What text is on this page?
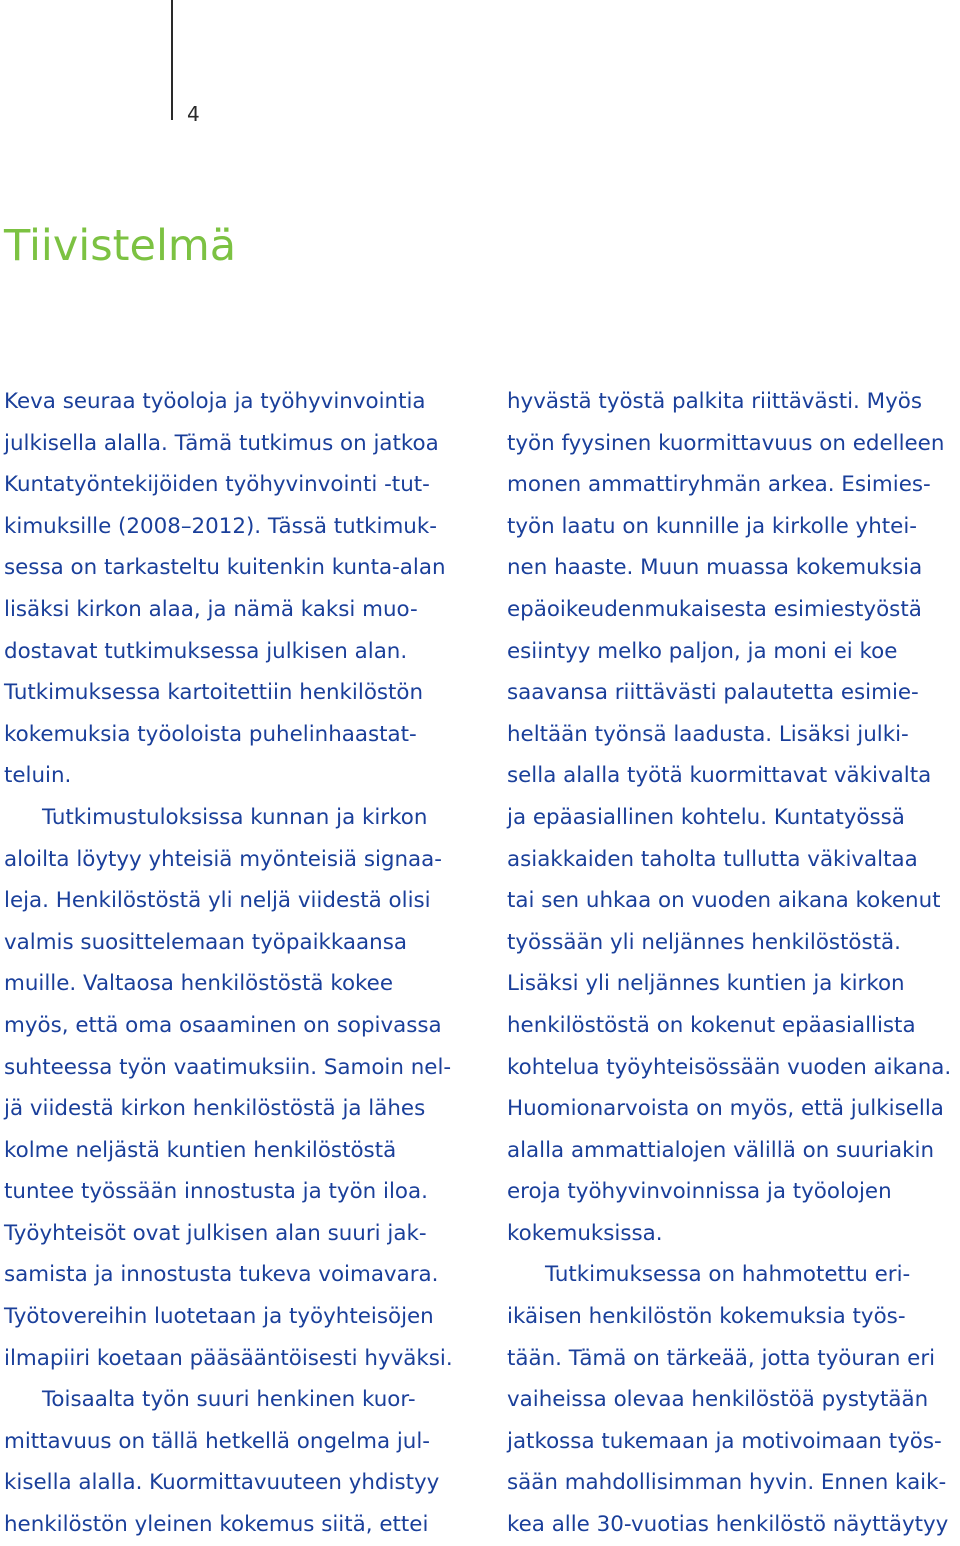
4
Tiivistelmä
Keva seuraa työoloja ja työhyvinvointia
julkisella alalla. Tämä tutkimus on jatkoa
Kuntatyöntekijöiden työhyvinvointi -tut-
kimuksille (2008–2012). Tässä tutkimuk-
sessa on tarkasteltu kuitenkin kunta-alan
lisäksi kirkon alaa, ja nämä kaksi muo-
dostavat tutkimuksessa julkisen alan.
Tutkimuksessa kartoitettiin henkilöstön
kokemuksia työoloista puhelinhaastat-
teluin.
Tutkimustuloksissa kunnan ja kirkon
aloilta löytyy yhteisiä myönteisiä signaa-
leja. Henkilöstöstä yli neljä viidestä olisi
valmis suosittelemaan työpaikkaansa
muille. Valtaosa henkilöstöstä kokee
myös, että oma osaaminen on sopivassa
suhteessa työn vaatimuksiin. Samoin nel-
jä viidestä kirkon henkilöstöstä ja lähes
kolme neljästä kuntien henkilöstöstä
tuntee työssään innostusta ja työn iloa.
Työyhteisöt ovat julkisen alan suuri jak-
samista ja innostusta tukeva voimavara.
Työtovereihin luotetaan ja työyhteisöjen
ilmapiiri koetaan pääsääntöisesti hyväksi.
Toisaalta työn suuri henkinen kuor-
mittavuus on tällä hetkellä ongelma jul-
kisella alalla. Kuormittavuuteen yhdistyy
henkilöstön yleinen kokemus siitä, ettei
hyvästä työstä palkita riittävästi. Myös
työn fyysinen kuormittavuus on edelleen
monen ammattiryhmän arkea. Esimies-
työn laatu on kunnille ja kirkolle yhtei-
nen haaste. Muun muassa kokemuksia
epäoikeudenmukaisesta esimiestyöstä
esiintyy melko paljon, ja moni ei koe
saavansa riittävästi palautetta esimie-
heltään työnsä laadusta. Lisäksi julki-
sella alalla työtä kuormittavat väkivalta
ja epäasiallinen kohtelu. Kuntatyössä
asiakkaiden taholta tullutta väkivaltaa
tai sen uhkaa on vuoden aikana kokenut
työssään yli neljännes henkilöstöstä.
Lisäksi yli neljännes kuntien ja kirkon
henkilöstöstä on kokenut epäasiallista
kohtelua työyhteisössään vuoden aikana.
Huomionarvoista on myös, että julkisella
alalla ammattialojen välillä on suuriakin
eroja työhyvinvoinnissa ja työolojen
kokemuksissa.
Tutkimuksessa on hahmotettu eri-
ikäisen henkilöstön kokemuksia työs-
tään. Tämä on tärkeää, jotta työuran eri
vaiheissa olevaa henkilöstöä pystytään
jatkossa tukemaan ja motivoimaan työs-
sään mahdollisimman hyvin. Ennen kaik-
kea alle 30-vuotias henkilöstö näyttäytyy
